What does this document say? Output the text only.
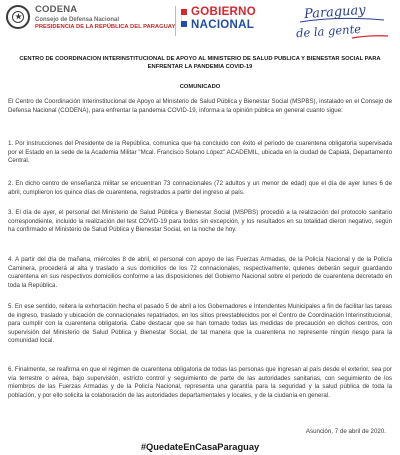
CODENA
Consejo de Defensa Nacional
PRESIDENCIA DE LA REPÚBLICA DEL PARAGUAY
GOBIERNO
NACIONAL
Paraguay
de la gente
CENTRO DE COORDINACION INTERINSTITUCIONAL DE APOYO AL MINISTERIO DE SALUD PUBLICA Y BIENESTAR SOCIAL PARA ENFRENTAR LA PANDEMIA COVID-19
COMUNICADO

El Centro de Coordinación Interinstitucional de Apoyo al Ministerio de Salud Pública y Bienestar Social (MSPBS), instalado en el Consejo de Defensa Nacional (CODENA), para enfrentar la pandemia COVID-19, informa a la opinión pública en general cuanto sigue:

1. Por instrucciones del Presidente de la República, comunica que ha concluido con éxito el periodo de cuarentena obligatoria supervisada por el Estado en la sede de la Academia Militar "Mcal. Francisco Solano López" ACADEMIL, ubicada en la ciudad de Capiatá, Departamento Central.

2. En dicho centro de enseñanza militar se encuentran 73 connacionales (72 adultos y un menor de edad) que el día de ayer lunes 6 de abril, cumplieron los quince días de cuarentena, registrados a partir del ingreso al país.

3. El día de ayer, el personal del Ministerio de Salud Pública y Bienestar Social (MSPBS) procedió a la realización del protocolo sanitario correspondiente, incluido la realización del test COVID-19 para todos sin excepción, y los resultados en su totalidad dieron negativo, según ha confirmado el Ministerio de Salud Pública y Bienestar Social, en la noche de hoy.

4. A partir del día de mañana, miércoles 8 de abril, el personal con apoyo de las Fuerzas Armadas, de la Policía Nacional y de la Policía Caminera, procederá al alta y traslado a sus domicilios de los 72 connacionales, respectivamente, quienes deberán seguir guardando cuarentena en sus respectivos domicilios conforme a las disposiciones del Gobierno Nacional sobre el periodo de cuarentena decretado en toda la República.

5. En ese sentido, reitera la exhortación hecha el pasado 5 de abril a los Gobernadores e Intendentes Municipales a fin de facilitar las tareas de ingreso, traslado y ubicación de connacionales repatriados, en los sitios preestablecidos por el Centro de Coordinación Interinstitucional, para cumplir con la cuarentena obligatoria. Cabe destacar que se han tomado todas las medidas de precaución en dichos centros, con supervisión del Ministerio de Salud Pública y Bienestar Social, de tal manera que la cuarentena no represente ningún riesgo para la comunidad local.

6. Finalmente, se reafirma en que el régimen de cuarentena obligatoria de todas las personas que ingresan al país desde el exterior, sea por vía terrestre o aérea, bajo supervisión, estricto control y seguimiento de parte de las autoridades sanitarias, con seguimiento de los miembros de las Fuerzas Armadas y de la Policía Nacional, representa una garantía para la seguridad y la salud pública de toda la población, y por ello solicita la colaboración de las autoridades departamentales y locales, y de la ciudanía en general.

Asunción, 7 de abril de 2020.
#QuedateEnCasaParaguay
